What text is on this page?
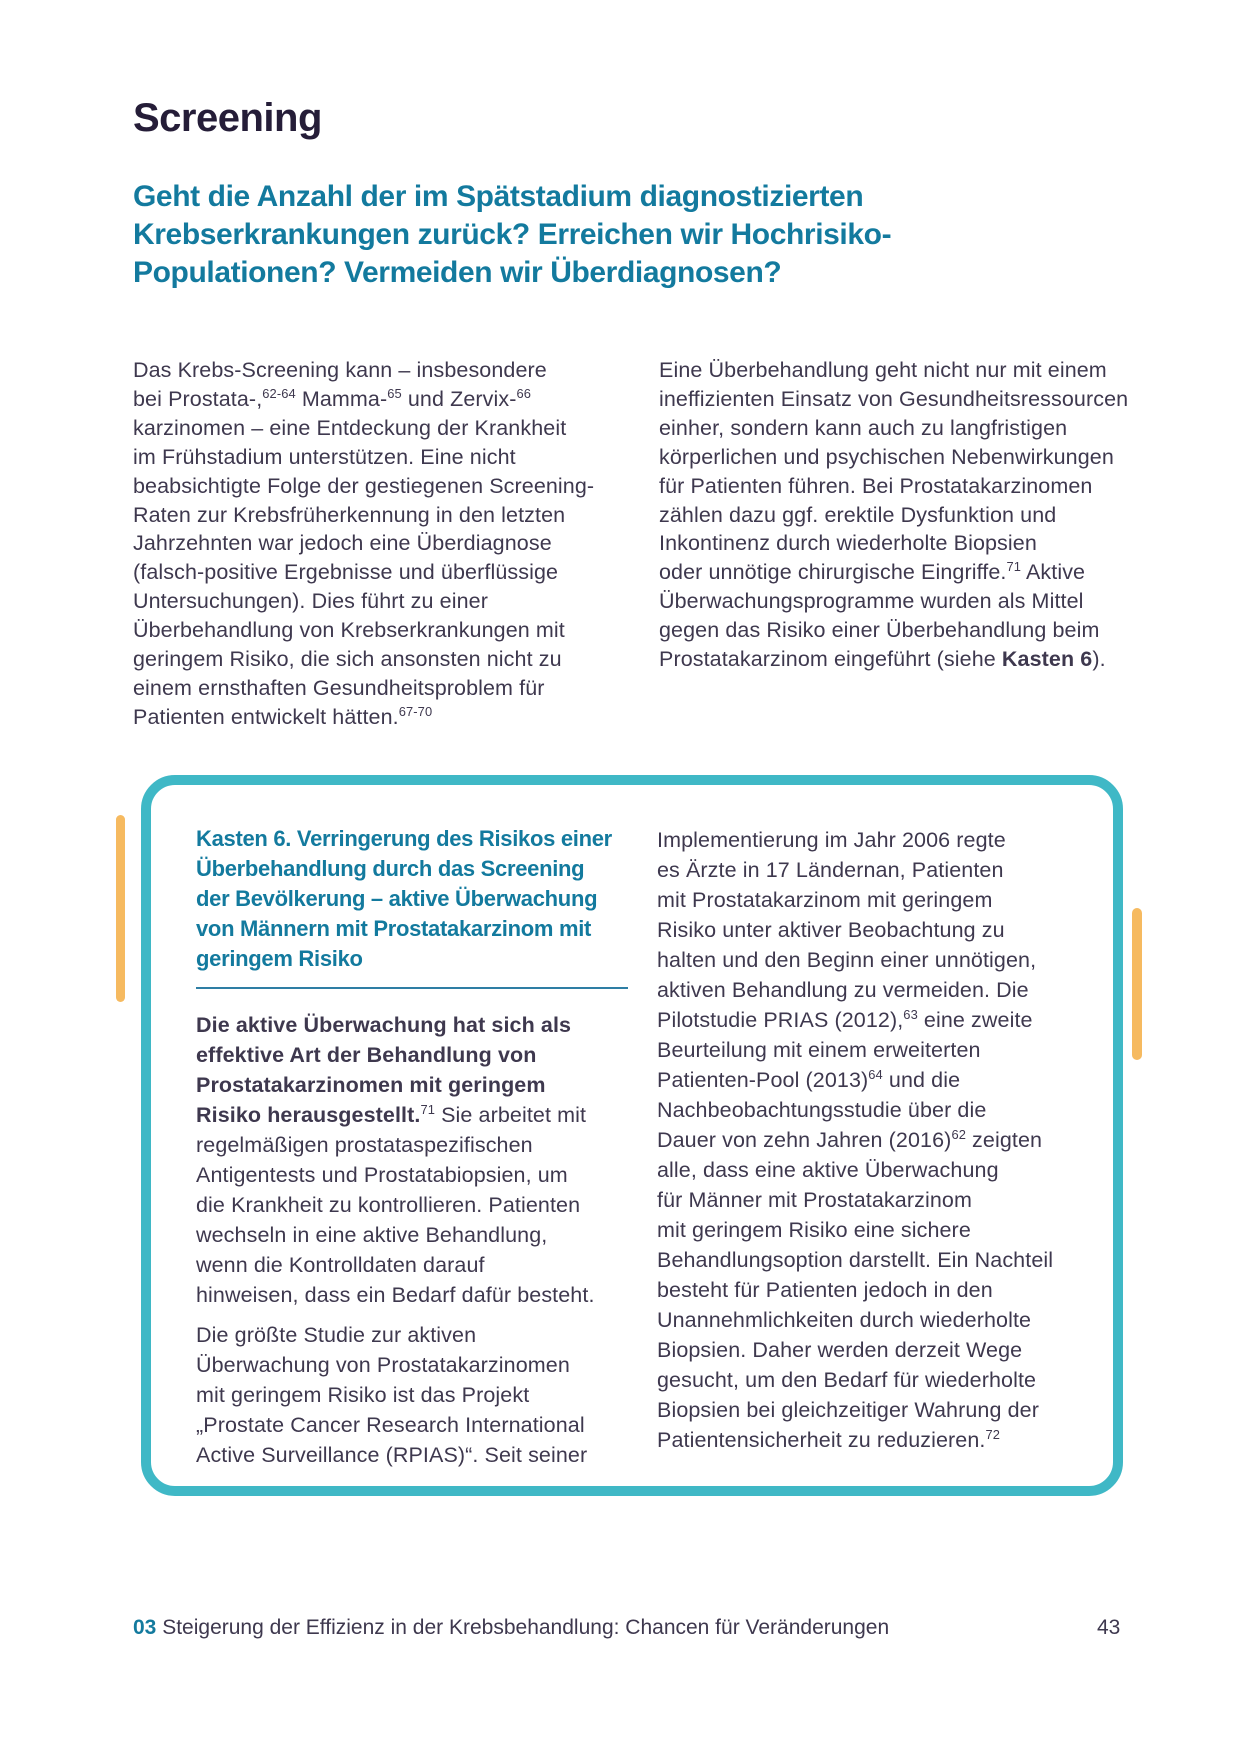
Screening
Geht die Anzahl der im Spätstadium diagnostizierten
Krebserkrankungen zurück? Erreichen wir Hochrisiko-
Populationen? Vermeiden wir Überdiagnosen?
Das Krebs-Screening kann – insbesondere
bei Prostata-,$^{62-64}$ Mamma-$^{65}$ und Zervix-$^{66}$
karzinomen – eine Entdeckung der Krankheit
im Frühstadium unterstützen. Eine nicht
beabsichtigte Folge der gestiegenen Screening-
Raten zur Krebsfrüherkennung in den letzten
Jahrzehnten war jedoch eine Überdiagnose
(falsch-positive Ergebnisse und überflüssige
Untersuchungen). Dies führt zu einer
Überbehandlung von Krebserkrankungen mit
geringem Risiko, die sich ansonsten nicht zu
einem ernsthaften Gesundheitsproblem für
Patienten entwickelt hätten.$^{67-70}$
Eine Überbehandlung geht nicht nur mit einem
ineffizienten Einsatz von Gesundheitsressourcen
einher, sondern kann auch zu langfristigen
körperlichen und psychischen Nebenwirkungen
für Patienten führen. Bei Prostatakarzinomen
zählen dazu ggf. erektile Dysfunktion und
Inkontinenz durch wiederholte Biopsien
oder unnötige chirurgische Eingriffe.$^{71}$ Aktive
Überwachungsprogramme wurden als Mittel
gegen das Risiko einer Überbehandlung beim
Prostatakarzinom eingeführt (siehe Kasten 6).
Kasten 6. Verringerung des Risikos einer
Überbehandlung durch das Screening
der Bevölkerung – aktive Überwachung
von Männern mit Prostatakarzinom mit
geringem Risiko
Die aktive Überwachung hat sich als
effektive Art der Behandlung von
Prostatakarzinomen mit geringem
Risiko herausgestellt.$^{71}$ Sie arbeitet mit
regelmäßigen prostataspezifischen
Antigentests und Prostatabiopsien, um
die Krankheit zu kontrollieren. Patienten
wechseln in eine aktive Behandlung,
wenn die Kontrolldaten darauf
hinweisen, dass ein Bedarf dafür besteht.
Die größte Studie zur aktiven
Überwachung von Prostatakarzinomen
mit geringem Risiko ist das Projekt
„Prostate Cancer Research International
Active Surveillance (RPIAS)“. Seit seiner
Implementierung im Jahr 2006 regte
es Ärzte in 17 Ländernan, Patienten
mit Prostatakarzinom mit geringem
Risiko unter aktiver Beobachtung zu
halten und den Beginn einer unnötigen,
aktiven Behandlung zu vermeiden. Die
Pilotstudie PRIAS (2012),$^{63}$ eine zweite
Beurteilung mit einem erweiterten
Patienten-Pool $(2013)^{64}$ und die
Nachbeobachtungsstudie über die
Dauer von zehn Jahren $(2016)^{62}$ zeigten
alle, dass eine aktive Überwachung
für Männer mit Prostatakarzinom
mit geringem Risiko eine sichere
Behandlungsoption darstellt. Ein Nachteil
besteht für Patienten jedoch in den
Unannehmlichkeiten durch wiederholte
Biopsien. Daher werden derzeit Wege
gesucht, um den Bedarf für wiederholte
Biopsien bei gleichzeitiger Wahrung der
Patientensicherheit zu reduzieren.$^{72}$
03 Steigerung der Effizienz in der Krebsbehandlung: Chancen für Veränderungen	43
